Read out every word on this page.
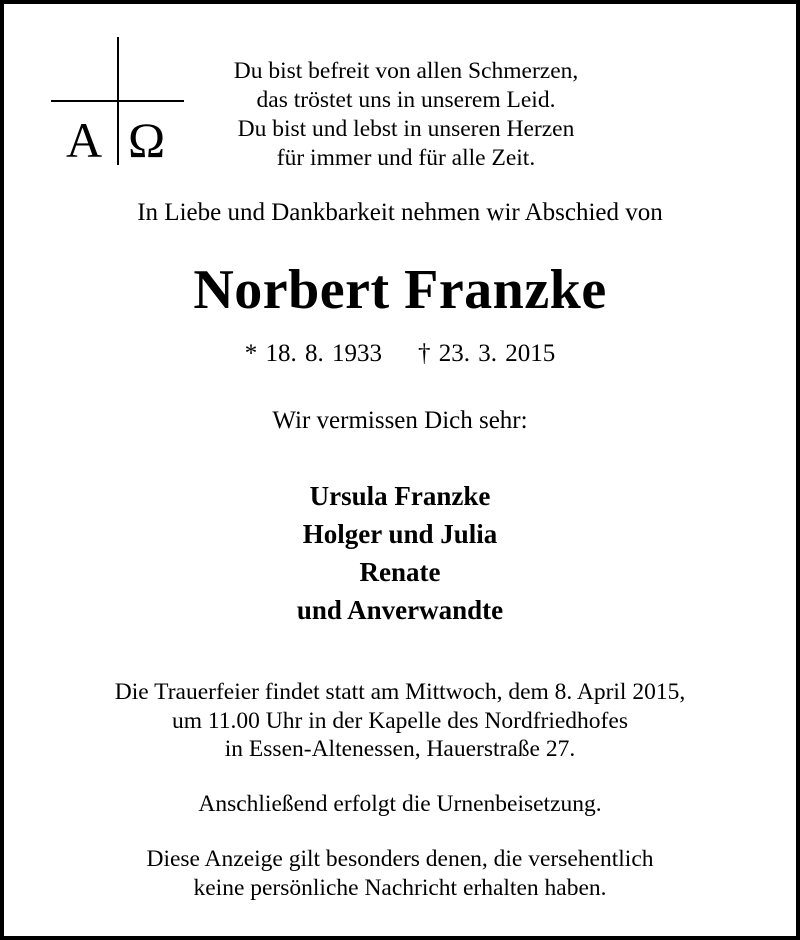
A Ω
Du bist befreit von allen Schmerzen,
das tröstet uns in unserem Leid.
Du bist und lebst in unseren Herzen
für immer und für alle Zeit.
In Liebe und Dankbarkeit nehmen wir Abschied von
Norbert Franzke
* 18. 8. 1933 † 23. 3. 2015
Wir vermissen Dich sehr:
Ursula Franzke
Holger und Julia
Renate
und Anverwandte
Die Trauerfeier findet statt am Mittwoch, dem 8. April 2015,
um 11.00 Uhr in der Kapelle des Nordfriedhofes
in Essen-Altenessen, Hauerstraße 27.
Anschließend erfolgt die Urnenbeisetzung.
Diese Anzeige gilt besonders denen, die versehentlich
keine persönliche Nachricht erhalten haben.
